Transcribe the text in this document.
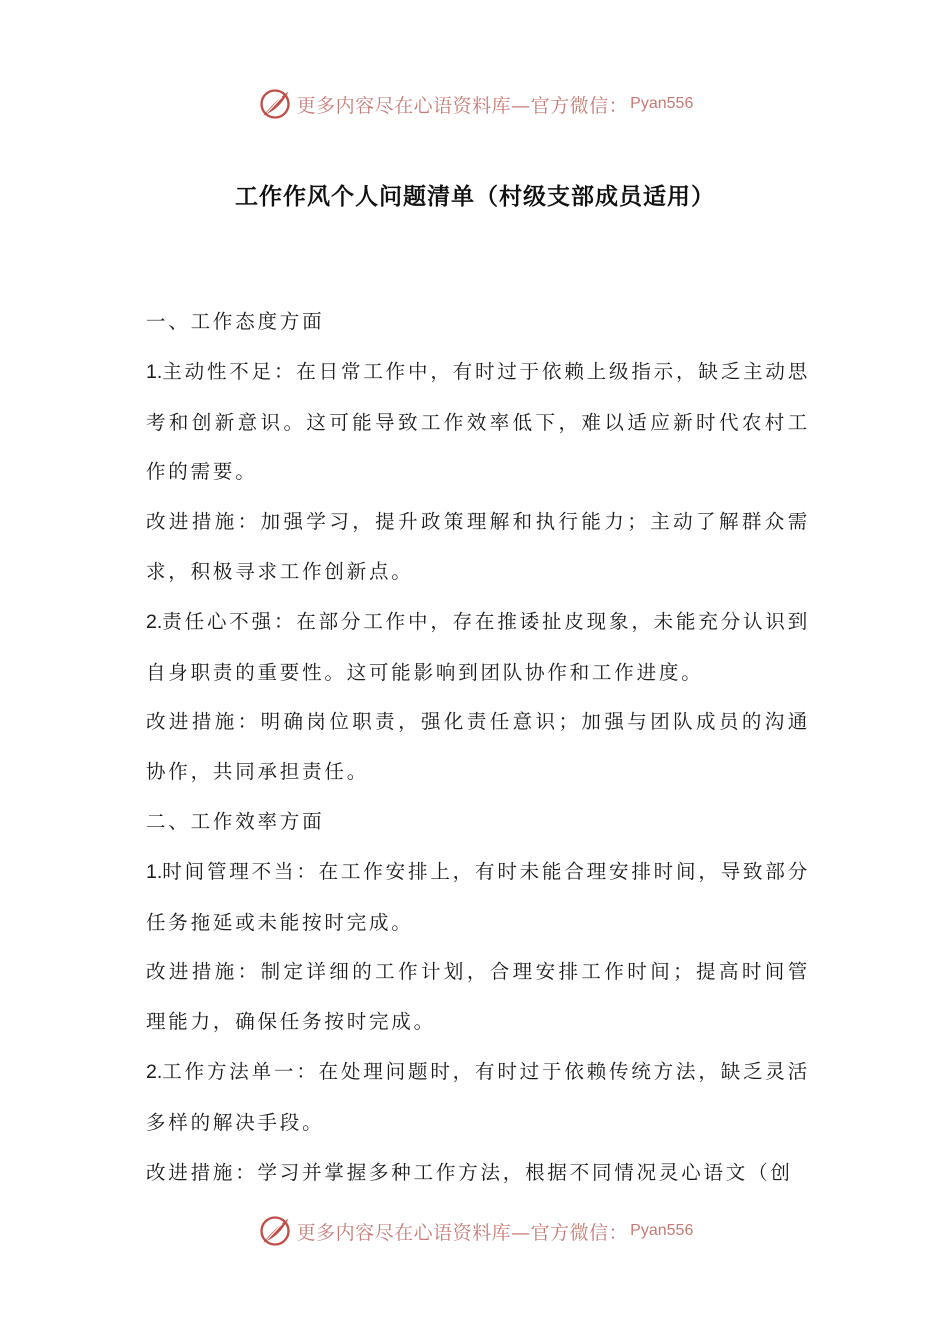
更多内容尽在心语资料库—官方微信： Pyan556
工作作风个人问题清单（村级支部成员适用）

一、工作态度方面

1.主动性不足：在日常工作中，有时过于依赖上级指示，缺乏主动思考和创新意识。这可能导致工作效率低下，难以适应新时代农村工作的需要。

改进措施：加强学习，提升政策理解和执行能力；主动了解群众需求，积极寻求工作创新点。

2.责任心不强：在部分工作中，存在推诿扯皮现象，未能充分认识到自身职责的重要性。这可能影响到团队协作和工作进度。

改进措施：明确岗位职责，强化责任意识；加强与团队成员的沟通协作，共同承担责任。

二、工作效率方面

1.时间管理不当：在工作安排上，有时未能合理安排时间，导致部分任务拖延或未能按时完成。

改进措施：制定详细的工作计划，合理安排工作时间；提高时间管理能力，确保任务按时完成。

2.工作方法单一：在处理问题时，有时过于依赖传统方法，缺乏灵活多样的解决手段。

改进措施：学习并掌握多种工作方法，根据不同情况灵心语文（创

更多内容尽在心语资料库—官方微信： Pyan556
